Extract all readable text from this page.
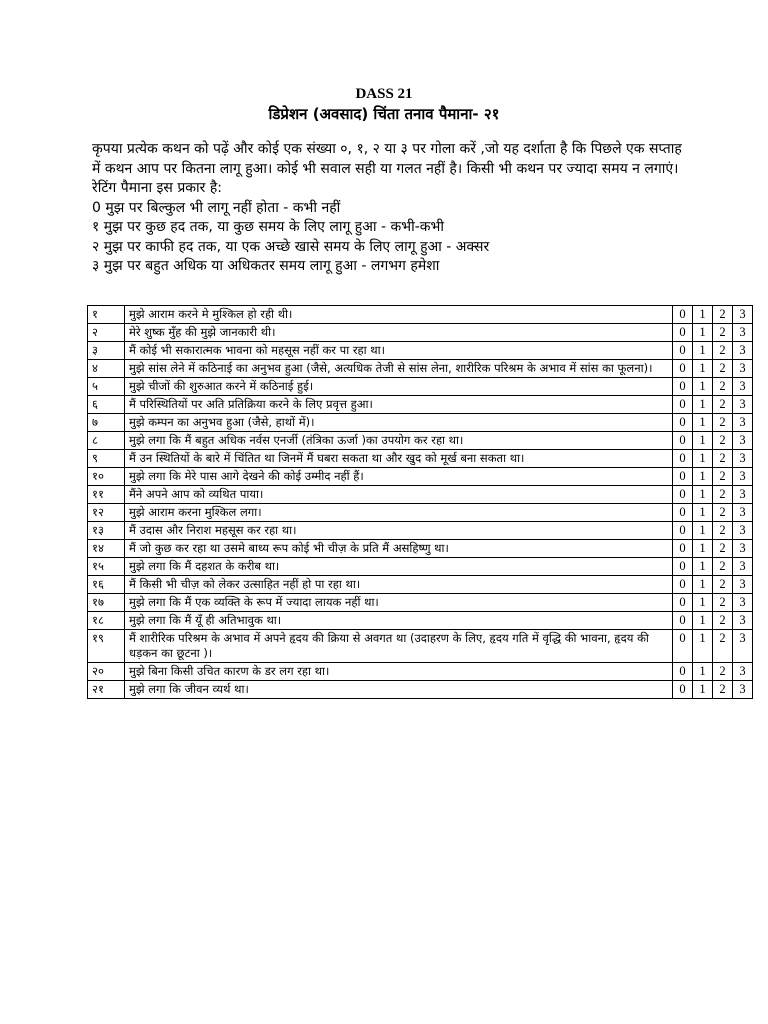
DASS 21
डिप्रेशन (अवसाद) चिंता तनाव पैमाना- २१

कृपया प्रत्येक कथन को पढ़ें और कोई एक संख्या ०, १, २ या ३ पर गोला करें ,जो यह दर्शाता है कि पिछले एक सप्ताह में कथन आप पर कितना लागू हुआ। कोई भी सवाल सही या गलत नहीं है। किसी भी कथन पर ज्यादा समय न लगाएं।

रेटिंग पैमाना इस प्रकार है:

0 मुझ पर बिल्कुल भी लागू नहीं होता - कभी नहीं

१ मुझ पर कुछ हद तक, या कुछ समय के लिए लागू हुआ - कभी-कभी

२ मुझ पर काफी हद तक, या एक अच्छे खासे समय के लिए लागू हुआ - अक्सर

३ मुझ पर बहुत अधिक या अधिकतर समय लागू हुआ - लगभग हमेशा

१	मुझे आराम करने मे मुश्किल हो रही थी।	0	1	2	3
२	मेरे शुष्क मुँह की मुझे जानकारी थी।	0	1	2	3
३	मैं कोई भी सकारात्मक भावना को महसूस नहीं कर पा रहा था।	0	1	2	3
४	मुझे सांस लेने में कठिनाई का अनुभव हुआ (जैसे, अत्यधिक तेजी से सांस लेना, शारीरिक परिश्रम के अभाव में सांस का फूलना)।	0	1	2	3
५	मुझे चीजों की शुरुआत करने में कठिनाई हुई।	0	1	2	3
६	मैं परिस्थितियों पर अति प्रतिक्रिया करने के लिए प्रवृत्त हुआ।	0	1	2	3
७	मुझे कम्पन का अनुभव हुआ (जैसे, हाथों में)।	0	1	2	3
८	मुझे लगा कि मैं बहुत अधिक नर्वस एनर्जी (तंत्रिका ऊर्जा )का उपयोग कर रहा था।	0	1	2	3
९	मैं उन स्थितियों के बारे में चिंतित था जिनमें मैं घबरा सकता था और खुद को मूर्ख बना सकता था।	0	1	2	3
१०	मुझे लगा कि मेरे पास आगे देखने की कोई उम्मीद नहीं हैं।	0	1	2	3
११	मैंने अपने आप को व्यथित पाया।	0	1	2	3
१२	मुझे आराम करना मुश्किल लगा।	0	1	2	3
१३	मैं उदास और निराश महसूस कर रहा था।	0	1	2	3
१४	मैं जो कुछ कर रहा था उसमे बाध्य रूप कोई भी चीज़ के प्रति मैं असहिष्णु था।	0	1	2	3
१५	मुझे लगा कि मैं दहशत के करीब था।	0	1	2	3
१६	मैं किसी भी चीज़ को लेकर उत्साहित नहीं हो पा रहा था।	0	1	2	3
१७	मुझे लगा कि मैं एक व्यक्ति के रूप में ज्यादा लायक नहीं था।	0	1	2	3
१८	मुझे लगा कि मैं यूँ ही अतिभावुक था।	0	1	2	3
१९	मैं शारीरिक परिश्रम के अभाव में अपने हृदय की क्रिया से अवगत था (उदाहरण के लिए, हृदय गति में वृद्धि की भावना, हृदय की धड़कन का छूटना )।	0	1	2	3
२०	मुझे बिना किसी उचित कारण के डर लग रहा था।	0	1	2	3
२१	मुझे लगा कि जीवन व्यर्थ था।	0	1	2	3
